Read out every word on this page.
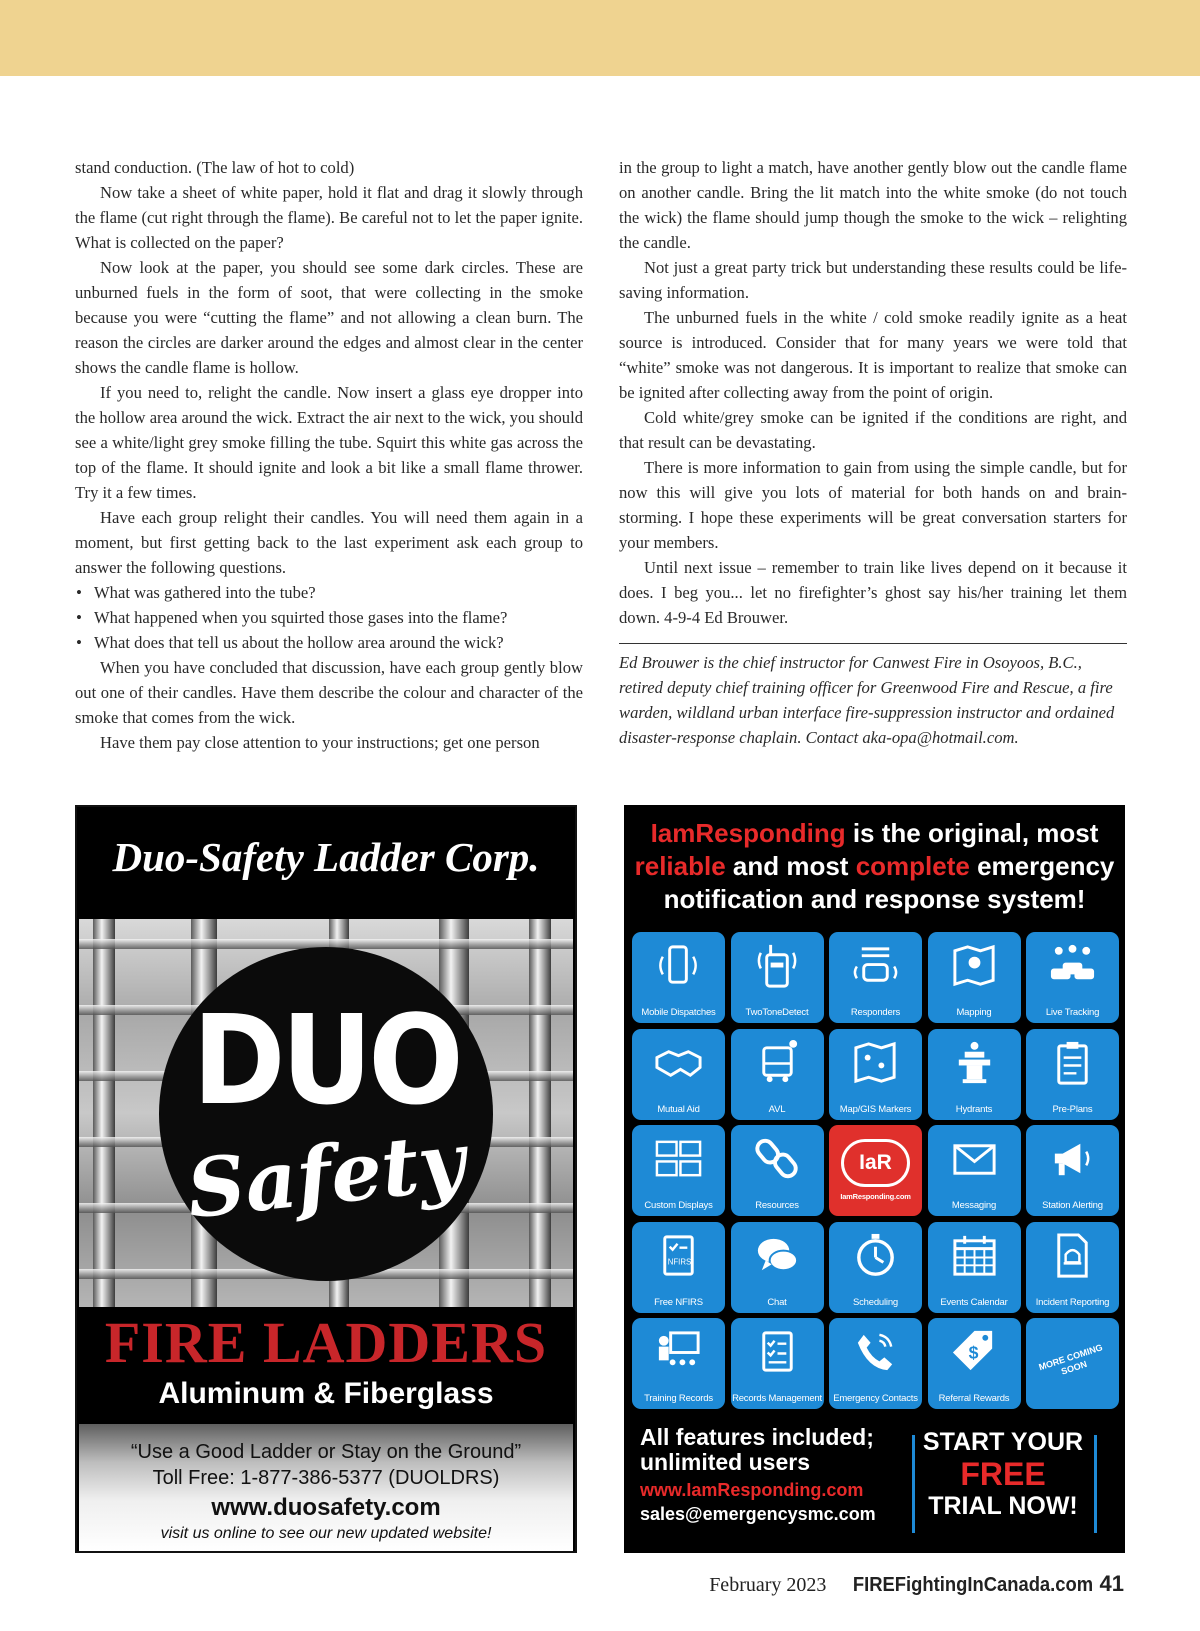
stand conduction. (The law of hot to cold)

Now take a sheet of white paper, hold it flat and drag it slowly through the flame (cut right through the flame). Be careful not to let the paper ignite. What is collected on the paper?

Now look at the paper, you should see some dark circles. These are unburned fuels in the form of soot, that were collecting in the smoke because you were “cutting the flame” and not allowing a clean burn. The reason the circles are darker around the edges and almost clear in the center shows the candle flame is hollow.

If you need to, relight the candle. Now insert a glass eye dropper into the hollow area around the wick. Extract the air next to the wick, you should see a white/light grey smoke filling the tube. Squirt this white gas across the top of the flame. It should ignite and look a bit like a small flame thrower. Try it a few times.

Have each group relight their candles. You will need them again in a moment, but first getting back to the last experiment ask each group to answer the following questions.

• What was gathered into the tube?
• What happened when you squirted those gases into the flame?
• What does that tell us about the hollow area around the wick?

When you have concluded that discussion, have each group gently blow out one of their candles. Have them describe the colour and character of the smoke that comes from the wick.

Have them pay close attention to your instructions; get one person

in the group to light a match, have another gently blow out the candle flame on another candle. Bring the lit match into the white smoke (do not touch the wick) the flame should jump though the smoke to the wick – relighting the candle.

Not just a great party trick but understanding these results could be life-saving information.

The unburned fuels in the white / cold smoke readily ignite as a heat source is introduced. Consider that for many years we were told that “white” smoke was not dangerous. It is important to realize that smoke can be ignited after collecting away from the point of origin.

Cold white/grey smoke can be ignited if the conditions are right, and that result can be devastating.

There is more information to gain from using the simple candle, but for now this will give you lots of material for both hands on and brain-storming. I hope these experiments will be great conversation starters for your members.

Until next issue – remember to train like lives depend on it because it does. I beg you... let no firefighter’s ghost say his/her training let them down. 4-9-4 Ed Brouwer.

Ed Brouwer is the chief instructor for Canwest Fire in Osoyoos, B.C., retired deputy chief training officer for Greenwood Fire and Rescue, a fire warden, wildland urban interface fire-suppression instructor and ordained disaster-response chaplain. Contact aka-opa@hotmail.com.

Duo-Safety Ladder Corp.
DUO
Safety
FIRE LADDERS
Aluminum & Fiberglass
“Use a Good Ladder or Stay on the Ground”
Toll Free: 1-877-386-5377 (DUOLDRS)
www.duosafety.com
visit us online to see our new updated website!
IamResponding is the original, most
reliable and most complete emergency
notification and response system!
Mobile Dispatches	TwoToneDetect	Responders	Mapping	Live Tracking
Mutual Aid	AVL	Map/GIS Markers	Hydrants	Pre-Plans
Custom Displays	Resources
IaR
IamResponding.com
Messaging	Station Alerting
NFIRS
Free NFIRS	Chat	Scheduling	Events Calendar	Incident Reporting
Training Records	Records Management	Emergency Contacts
$
Referral Rewards
MORE COMING SOON
All features included;
unlimited users
www.IamResponding.com
sales@emergencysmc.com
START YOUR
FREE
TRIAL NOW!
February 2023 FIREFightingInCanada.com 41
